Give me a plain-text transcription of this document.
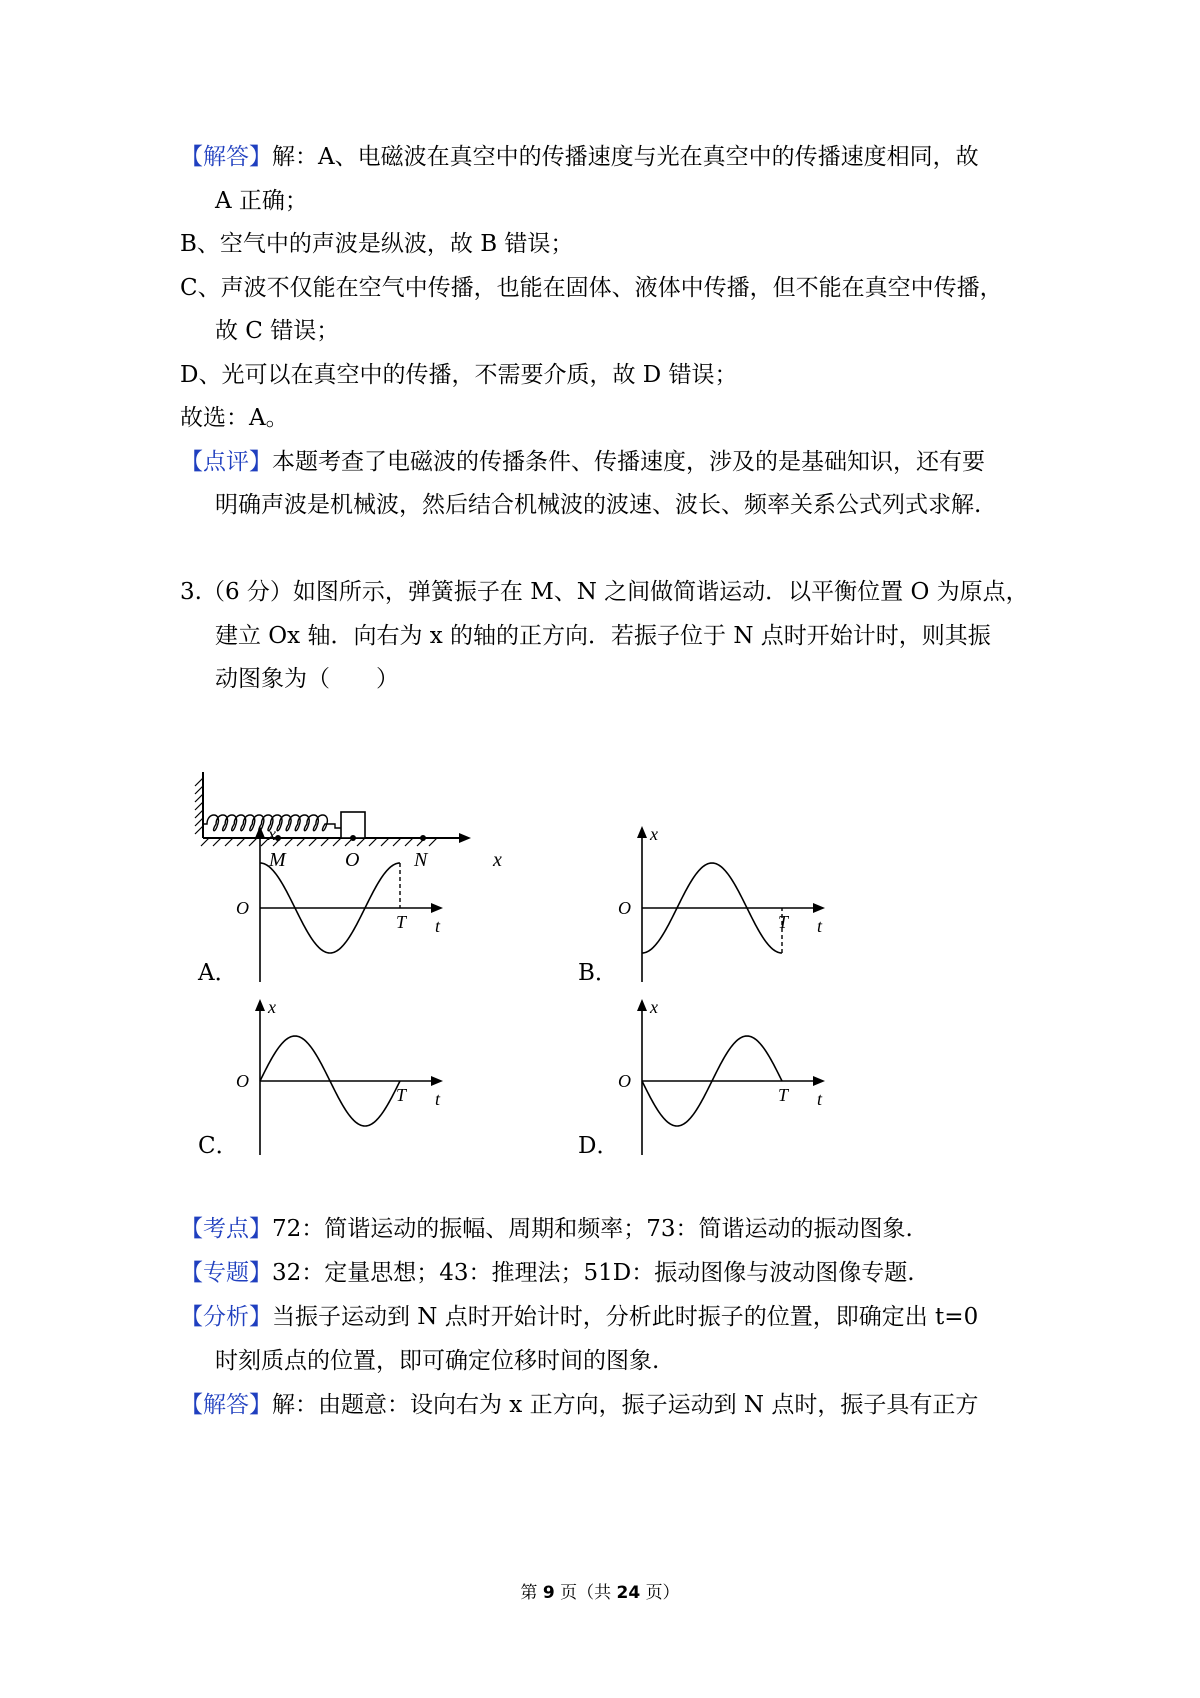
【解答】解：A、电磁波在真空中的传播速度与光在真空中的传播速度相同，故
A 正确；
B、空气中的声波是纵波，故 B 错误；
C、声波不仅能在空气中传播，也能在固体、液体中传播，但不能在真空中传播，
故 C 错误；
D、光可以在真空中的传播，不需要介质，故 D 错误；
故选：A。
【点评】本题考查了电磁波的传播条件、传播速度，涉及的是基础知识，还有要
明确声波是机械波，然后结合机械波的波速、波长、频率关系公式列式求解.
3.（6 分）如图所示，弹簧振子在 M、N 之间做简谐运动．以平衡位置 O 为原点，
建立 Ox 轴．向右为 x 的轴的正方向．若振子位于 N 点时开始计时，则其振
动图象为（　　）
M	O	N	x
x
t
O
T
x
t
O
T
x
t
O
T
x
t
O
T
A．	B．
C．	D．
【考点】72：简谐运动的振幅、周期和频率；73：简谐运动的振动图象.
【专题】32：定量思想；43：推理法；51D：振动图像与波动图像专题.
【分析】当振子运动到 N 点时开始计时，分析此时振子的位置，即确定出 t=0
时刻质点的位置，即可确定位移时间的图象.
【解答】解：由题意：设向右为 x 正方向，振子运动到 N 点时，振子具有正方
第 9 页（共 24 页）
